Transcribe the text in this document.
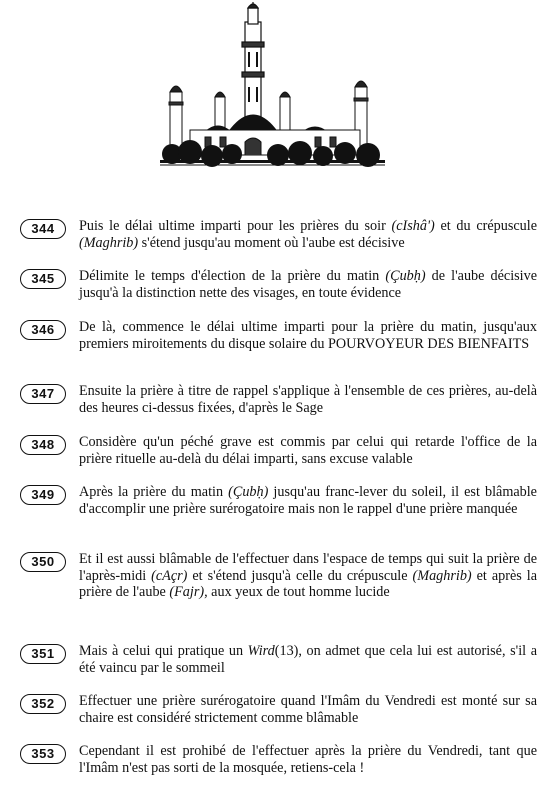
344	Puis le délai ultime imparti pour les prières du soir (cIshâ') et du crépuscule (Maghrib) s'étend jusqu'au moment où l'aube est décisive
345	Délimite le temps d'élection de la prière du matin (Çubḥ) de l'aube décisive jusqu'à la distinction nette des visages, en toute évidence
346	De là, commence le délai ultime imparti pour la prière du matin, jusqu'aux premiers miroitements du disque solaire du POURVOYEUR DES BIENFAITS
347	Ensuite la prière à titre de rappel s'applique à l'ensemble de ces prières, au-delà des heures ci-dessus fixées, d'après le Sage
348	Considère qu'un péché grave est commis par celui qui retarde l'office de la prière rituelle au-delà du délai imparti, sans excuse valable
349	Après la prière du matin (Çubḥ) jusqu'au franc-lever du soleil, il est blâmable d'accomplir une prière surérogatoire mais non le rappel d'une prière manquée
350	Et il est aussi blâmable de l'effectuer dans l'espace de temps qui suit la prière de l'après-midi (cAçr) et s'étend jusqu'à celle du crépuscule (Maghrib) et après la prière de l'aube (Fajr), aux yeux de tout homme lucide
351	Mais à celui qui pratique un Wird(13), on admet que cela lui est autorisé, s'il a été vaincu par le sommeil
352	Effectuer une prière surérogatoire quand l'Imâm du Vendredi est monté sur sa chaire est considéré strictement comme blâmable
353	Cependant il est prohibé de l'effectuer après la prière du Vendredi, tant que l'Imâm n'est pas sorti de la mosquée, retiens-cela !
